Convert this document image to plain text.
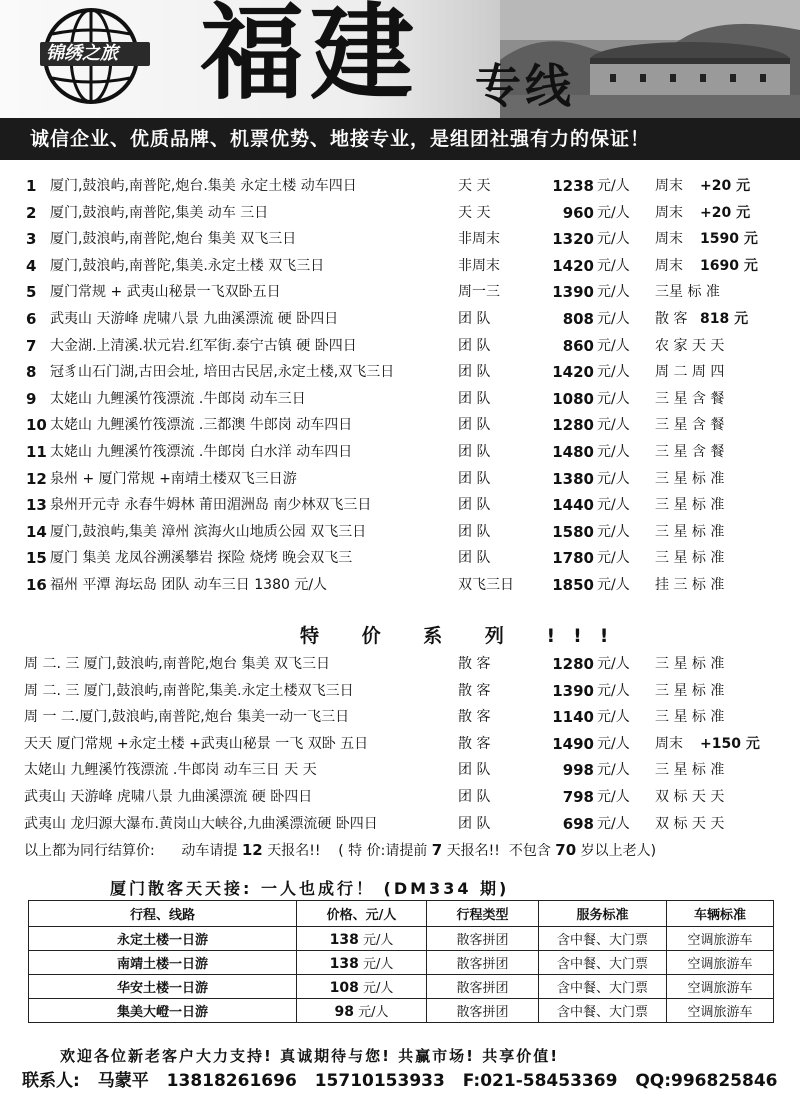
锦绣之旅 福建 专线
诚信企业、优质品牌、机票优势、地接专业，是组团社强有力的保证！
1 厦门,鼓浪屿,南普陀,炮台.集美 永定土楼 动车四日	天 天	1238 元/人 周末 +20 元
2 厦门,鼓浪屿,南普陀,集美 动车 三日	天 天	960 元/人 周末 +20 元
3 厦门,鼓浪屿,南普陀,炮台 集美 双飞三日	非周末	1320 元/人 周末 1590 元
4 厦门,鼓浪屿,南普陀,集美.永定土楼 双飞三日	非周末	1420 元/人 周末 1690 元
5 厦门常规 + 武夷山秘景一飞双卧五日	周一三	1390 元/人 三星 标 准
6 武夷山 天游峰 虎啸八景 九曲溪漂流 硬 卧四日	团 队	808 元/人 散 客 818 元
7 大金湖.上清溪.状元岩.红军街.泰宁古镇 硬 卧四日	团 队	860 元/人 农 家 天 天
8 冠豸山石门湖,古田会址, 培田古民居,永定土楼,双飞三日	团 队	1420 元/人 周 二 周 四
9 太姥山 九鲤溪竹筏漂流 .牛郎岗 动车三日	团 队	1080 元/人 三 星 含 餐
10 太姥山 九鲤溪竹筏漂流 .三都澳 牛郎岗 动车四日	团 队	1280 元/人 三 星 含 餐
11 太姥山 九鲤溪竹筏漂流 .牛郎岗 白水洋 动车四日	团 队	1480 元/人 三 星 含 餐
12 泉州 + 厦门常规 +南靖土楼双飞三日游	团 队	1380 元/人 三 星 标 准
13 泉州开元寺 永春牛姆林 莆田湄洲岛 南少林双飞三日	团 队	1440 元/人 三 星 标 准
14 厦门,鼓浪屿,集美 漳州 滨海火山地质公园 双飞三日	团 队	1580 元/人 三 星 标 准
15 厦门 集美 龙凤谷溯溪攀岩 探险 烧烤 晚会双飞三	团 队	1780 元/人 三 星 标 准
16 福州 平潭 海坛岛 团队 动车三日 1380 元/人	双飞三日	1850 元/人 挂 三 标 准
特 价 系 列 !!!
周 二. 三 厦门,鼓浪屿,南普陀,炮台 集美 双飞三日	散 客	1280 元/人 三 星 标 准
周 二. 三 厦门,鼓浪屿,南普陀,集美.永定土楼双飞三日	散 客	1390 元/人 三 星 标 准
周 一 二.厦门,鼓浪屿,南普陀,炮台 集美一动一飞三日	散 客	1140 元/人 三 星 标 准
天天 厦门常规 +永定土楼 +武夷山秘景 一飞 双卧 五日	散 客	1490 元/人 周末 +150 元
太姥山 九鲤溪竹筏漂流 .牛郎岗 动车三日 天 天	团 队	998 元/人 三 星 标 准
武夷山 天游峰 虎啸八景 九曲溪漂流 硬 卧四日	团 队	798 元/人 双 标 天 天
武夷山 龙归源大瀑布.黄岗山大峡谷,九曲溪漂流硬 卧四日	团 队	698 元/人 双 标 天 天
以上都为同行结算价: 动车请提 12 天报名!! ( 特 价:请提前 7 天报名!! 不包含 70 岁以上老人)
厦门散客天天接: 一人也成行！ (DM334 期)
行程、线路	价格、元/人	行程类型	服务标准	车辆标准
永定土楼一日游	138 元/人	散客拼团	含中餐、大门票	空调旅游车
南靖土楼一日游	138 元/人	散客拼团	含中餐、大门票	空调旅游车
华安土楼一日游	108 元/人	散客拼团	含中餐、大门票	空调旅游车
集美大嶝一日游	98 元/人	散客拼团	含中餐、大门票	空调旅游车
欢迎各位新老客户大力支持! 真诚期待与您! 共赢市场! 共享价值!
联系人: 马蒙平 13818261696 15710153933 F:021-58453369 QQ:996825846
